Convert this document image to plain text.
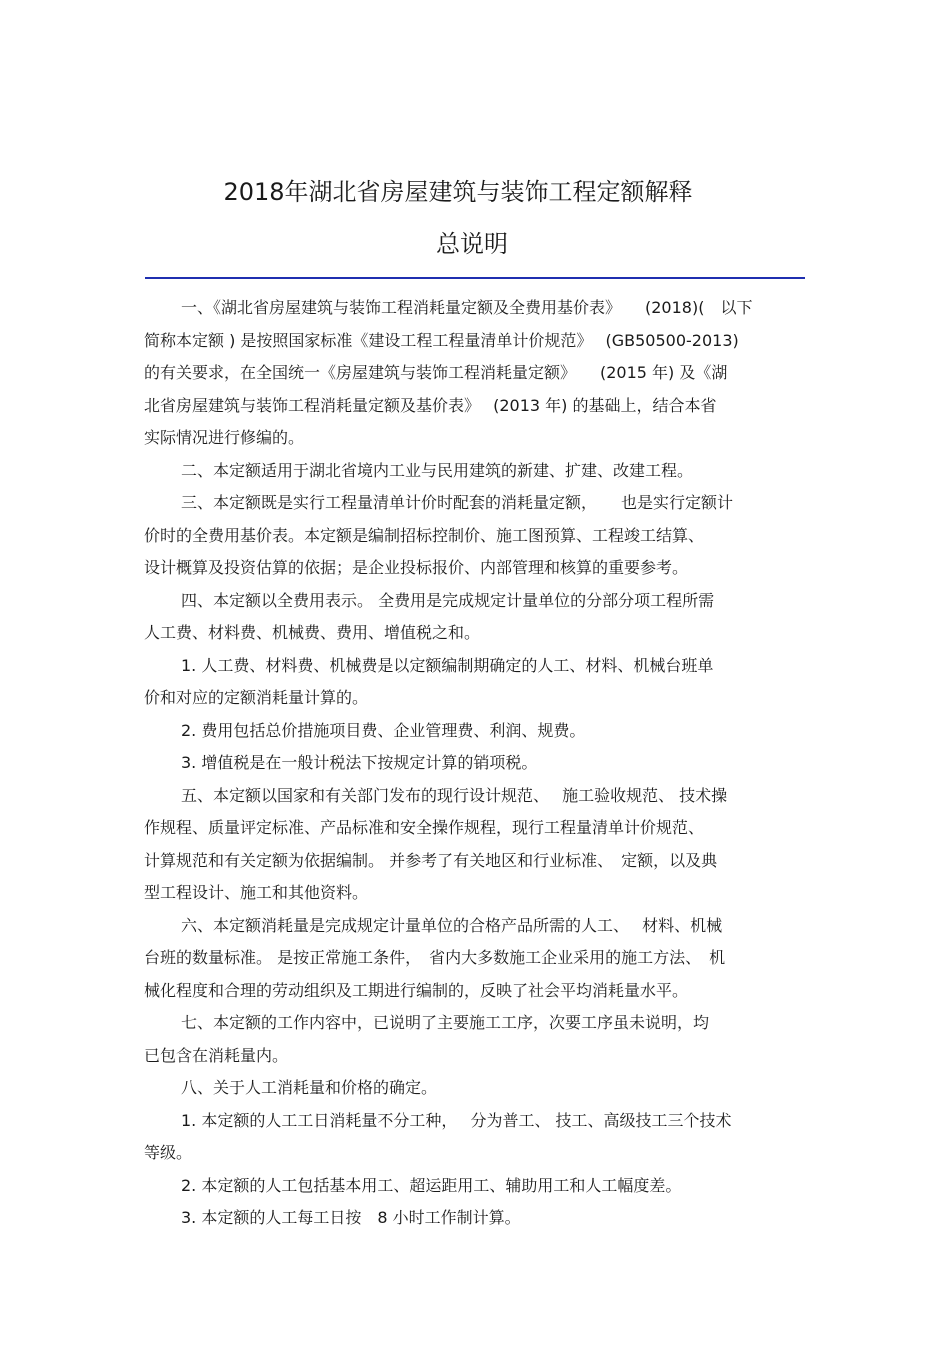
2018年湖北省房屋建筑与装饰工程定额解释
总说明
一、《湖北省房屋建筑与装饰工程消耗量定额及全费用基价表》　　(2018)(　以下
简称本定额 ) 是按照国家标准《建设工程工程量清单计价规范》　 (GB50500-2013)
的有关要求，在全国统一《房屋建筑与装饰工程消耗量定额》　　(2015 年) 及《湖
北省房屋建筑与装饰工程消耗量定额及基价表》　 (2013 年) 的基础上，结合本省
实际情况进行修编的。
二、本定额适用于湖北省境内工业与民用建筑的新建、扩建、改建工程。
三、本定额既是实行工程量清单计价时配套的消耗量定额，　　也是实行定额计
价时的全费用基价表。本定额是编制招标控制价、施工图预算、工程竣工结算、
设计概算及投资估算的依据；是企业投标报价、内部管理和核算的重要参考。
四、本定额以全费用表示。 全费用是完成规定计量单位的分部分项工程所需
人工费、材料费、机械费、费用、增值税之和。
1. 人工费、材料费、机械费是以定额编制期确定的人工、材料、机械台班单
价和对应的定额消耗量计算的。
2. 费用包括总价措施项目费、企业管理费、利润、规费。
3. 增值税是在一般计税法下按规定计算的销项税。
五、本定额以国家和有关部门发布的现行设计规范、　 施工验收规范、 技术操
作规程、质量评定标准、产品标准和安全操作规程，现行工程量清单计价规范、
计算规范和有关定额为依据编制。 并参考了有关地区和行业标准、　定额，以及典
型工程设计、施工和其他资料。
六、本定额消耗量是完成规定计量单位的合格产品所需的人工、　 材料、机械
台班的数量标准。 是按正常施工条件，　省内大多数施工企业采用的施工方法、　机
械化程度和合理的劳动组织及工期进行编制的，反映了社会平均消耗量水平。
七、本定额的工作内容中，已说明了主要施工工序，次要工序虽未说明，均
已包含在消耗量内。
八、关于人工消耗量和价格的确定。
1. 本定额的人工工日消耗量不分工种，　 分为普工、 技工、高级技工三个技术
等级。
2. 本定额的人工包括基本用工、超运距用工、辅助用工和人工幅度差。
3. 本定额的人工每工日按　8 小时工作制计算。
